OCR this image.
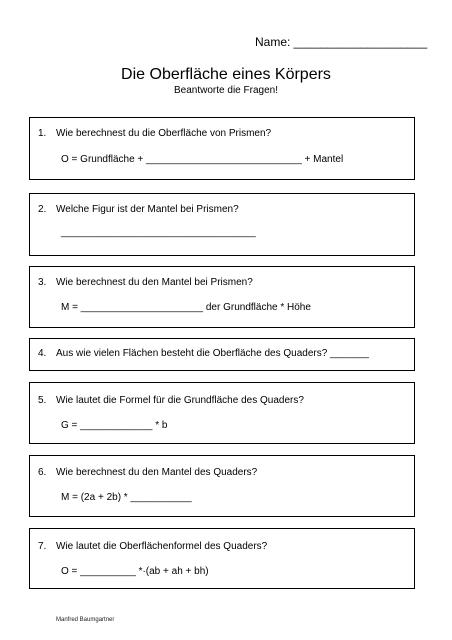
Name: ____________________
Die Oberfläche eines Körpers
Beantworte die Fragen!
1. Wie berechnest du die Oberfläche von Prismen?
O = Grundfläche + ____________________________ + Mantel
2. Welche Figur ist der Mantel bei Prismen?
___________________________________
3. Wie berechnest du den Mantel bei Prismen?
M = ______________________ der Grundfläche * Höhe
4. Aus wie vielen Flächen besteht die Oberfläche des Quaders? _______
5. Wie lautet die Formel für die Grundfläche des Quaders?
G = _____________ * b
6. Wie berechnest du den Mantel des Quaders?
M = (2a + 2b) * ___________
7. Wie lautet die Oberflächenformel des Quaders?
O = __________ *·(ab + ah + bh)
Manfred Baumgartner
